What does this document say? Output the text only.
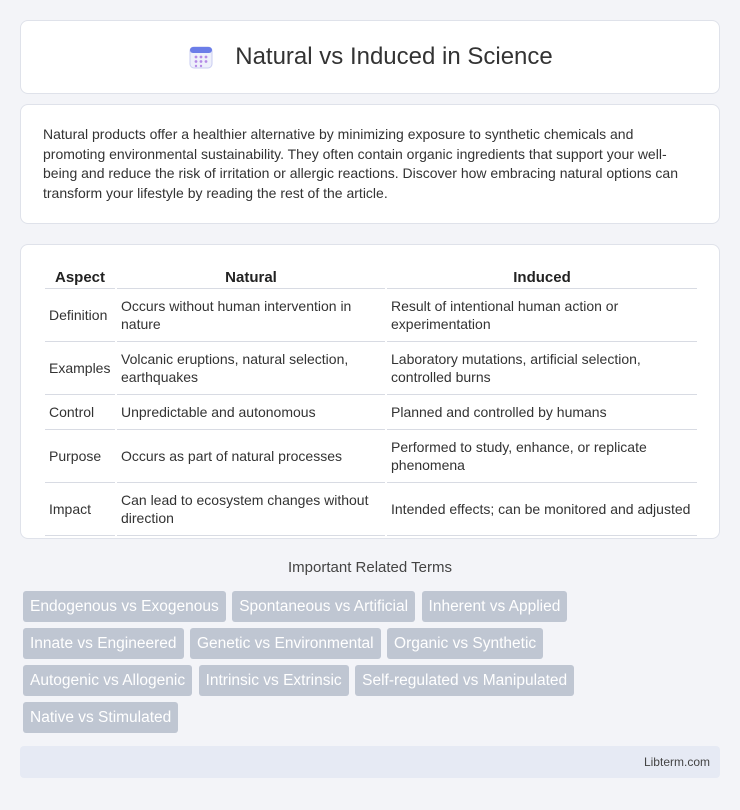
Natural vs Induced in Science

Natural products offer a healthier alternative by minimizing exposure to synthetic chemicals and promoting environmental sustainability. They often contain organic ingredients that support your well-being and reduce the risk of irritation or allergic reactions. Discover how embracing natural options can transform your lifestyle by reading the rest of the article.

Aspect	Natural	Induced
Definition	Occurs without human intervention in nature	Result of intentional human action or experimentation
Examples	Volcanic eruptions, natural selection, earthquakes	Laboratory mutations, artificial selection, controlled burns
Control	Unpredictable and autonomous	Planned and controlled by humans
Purpose	Occurs as part of natural processes	Performed to study, enhance, or replicate phenomena
Impact	Can lead to ecosystem changes without direction	Intended effects; can be monitored and adjusted
Important Related Terms
Endogenous vs Exogenous Spontaneous vs Artificial Inherent vs Applied
Innate vs Engineered Genetic vs Environmental Organic vs Synthetic
Autogenic vs Allogenic Intrinsic vs Extrinsic Self-regulated vs Manipulated
Native vs Stimulated
Libterm.com
